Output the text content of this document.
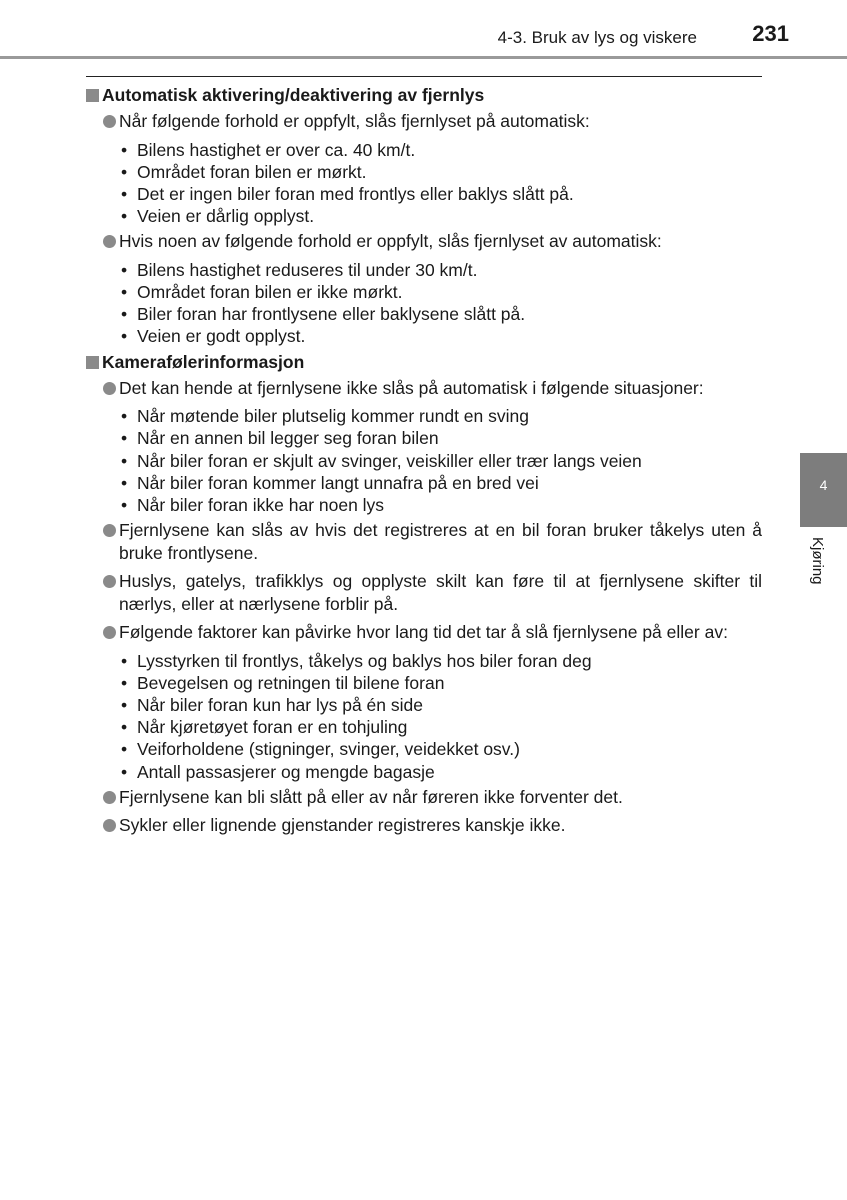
4-3. Bruk av lys og viskere	231
4
Kjøring
Automatisk aktivering/deaktivering av fjernlys
Når følgende forhold er oppfylt, slås fjernlyset på automatisk:
• Bilens hastighet er over ca. 40 km/t.
• Området foran bilen er mørkt.
• Det er ingen biler foran med frontlys eller baklys slått på.
• Veien er dårlig opplyst.
Hvis noen av følgende forhold er oppfylt, slås fjernlyset av automatisk:
• Bilens hastighet reduseres til under 30 km/t.
• Området foran bilen er ikke mørkt.
• Biler foran har frontlysene eller baklysene slått på.
• Veien er godt opplyst.
Kamerafølerinformasjon
Det kan hende at fjernlysene ikke slås på automatisk i følgende situasjoner:
• Når møtende biler plutselig kommer rundt en sving
• Når en annen bil legger seg foran bilen
• Når biler foran er skjult av svinger, veiskiller eller trær langs veien
• Når biler foran kommer langt unnafra på en bred vei
• Når biler foran ikke har noen lys
Fjernlysene kan slås av hvis det registreres at en bil foran bruker tåkelys uten å bruke frontlysene.
Huslys, gatelys, trafikklys og opplyste skilt kan føre til at fjernlysene skifter til nærlys, eller at nærlysene forblir på.
Følgende faktorer kan påvirke hvor lang tid det tar å slå fjernlysene på eller av:
• Lysstyrken til frontlys, tåkelys og baklys hos biler foran deg
• Bevegelsen og retningen til bilene foran
• Når biler foran kun har lys på én side
• Når kjøretøyet foran er en tohjuling
• Veiforholdene (stigninger, svinger, veidekket osv.)
• Antall passasjerer og mengde bagasje
Fjernlysene kan bli slått på eller av når føreren ikke forventer det.
Sykler eller lignende gjenstander registreres kanskje ikke.
